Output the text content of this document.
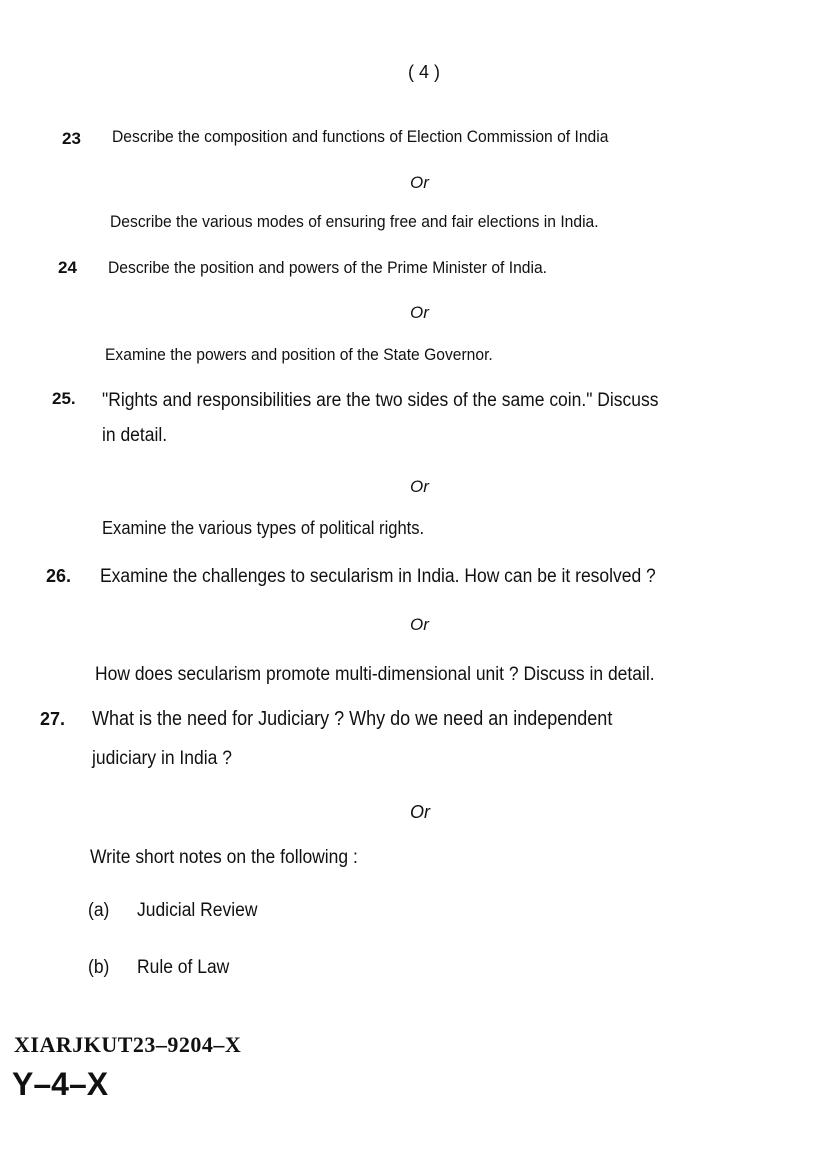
( 4 )
23 Describe the composition and functions of Election Commission of India
Or
Describe the various modes of ensuring free and fair elections in India.
24 Describe the position and powers of the Prime Minister of India.
Or
Examine the powers and position of the State Governor.
25. "Rights and responsibilities are the two sides of the same coin." Discuss
in detail.
Or
Examine the various types of political rights.
26. Examine the challenges to secularism in India. How can be it resolved ?
Or
How does secularism promote multi-dimensional unit ? Discuss in detail.
27. What is the need for Judiciary ? Why do we need an independent
judiciary in India ?
Or
Write short notes on the following :
(a) Judicial Review
(b) Rule of Law
XIARJKUT23–9204–X
Y–4–X
